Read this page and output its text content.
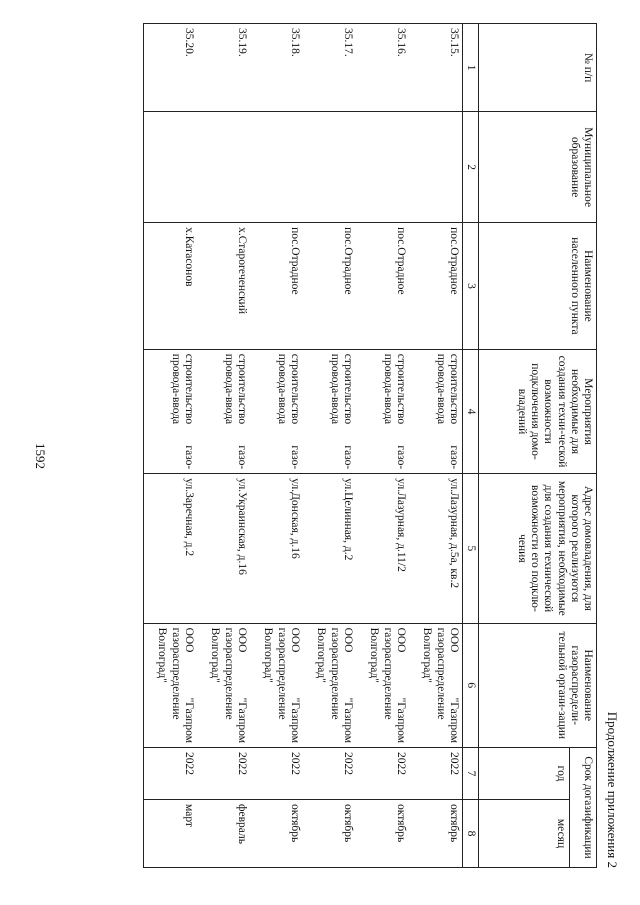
1592
Продолжение приложения 2
№ п/п	Муниципальное образование	Наименование населенного пункта	Мероприятия необходимые для создания техни-ческой возможности подключения домо-владений	Адрес домовладения, для которого реализуются мероприятия, необходимые для создания технической возможности его подклю-чения	Наименование газораспредели-тельной органи-зации	Срок догазификации	
						год	месяц
1	2	3	4	5	6	7	8
35.15.		пос.Отрадное	строительство газо-провода-ввода	ул.Лазурная, д.5а, кв.2	ООО "Газпром газораспределение Волгоград"	2022	октябрь
35.16.		пос.Отрадное	строительство газо-провода-ввода	ул.Лазурная, д.11/2	ООО "Газпром газораспределение Волгоград"	2022	октябрь
35.17.		пос.Отрадное	строительство газо-провода-ввода	ул.Целинная, д.2	ООО "Газпром газораспределение Волгоград"	2022	октябрь
35.18.		пос.Отрадное	строительство газо-провода-ввода	ул.Донская, д.16	ООО "Газпром газораспределение Волгоград"	2022	октябрь
35.19.		х.Староreченский	строительство газо-провода-ввода	ул.Украинская, д.16	ООО "Газпром газораспределение Волгоград"	2022	февраль
35.20.		х.Катасонов	строительство газо-провода-ввода	ул.Заречная, д.2	ООО "Газпром газораспределение Волгоград"	2022	март
